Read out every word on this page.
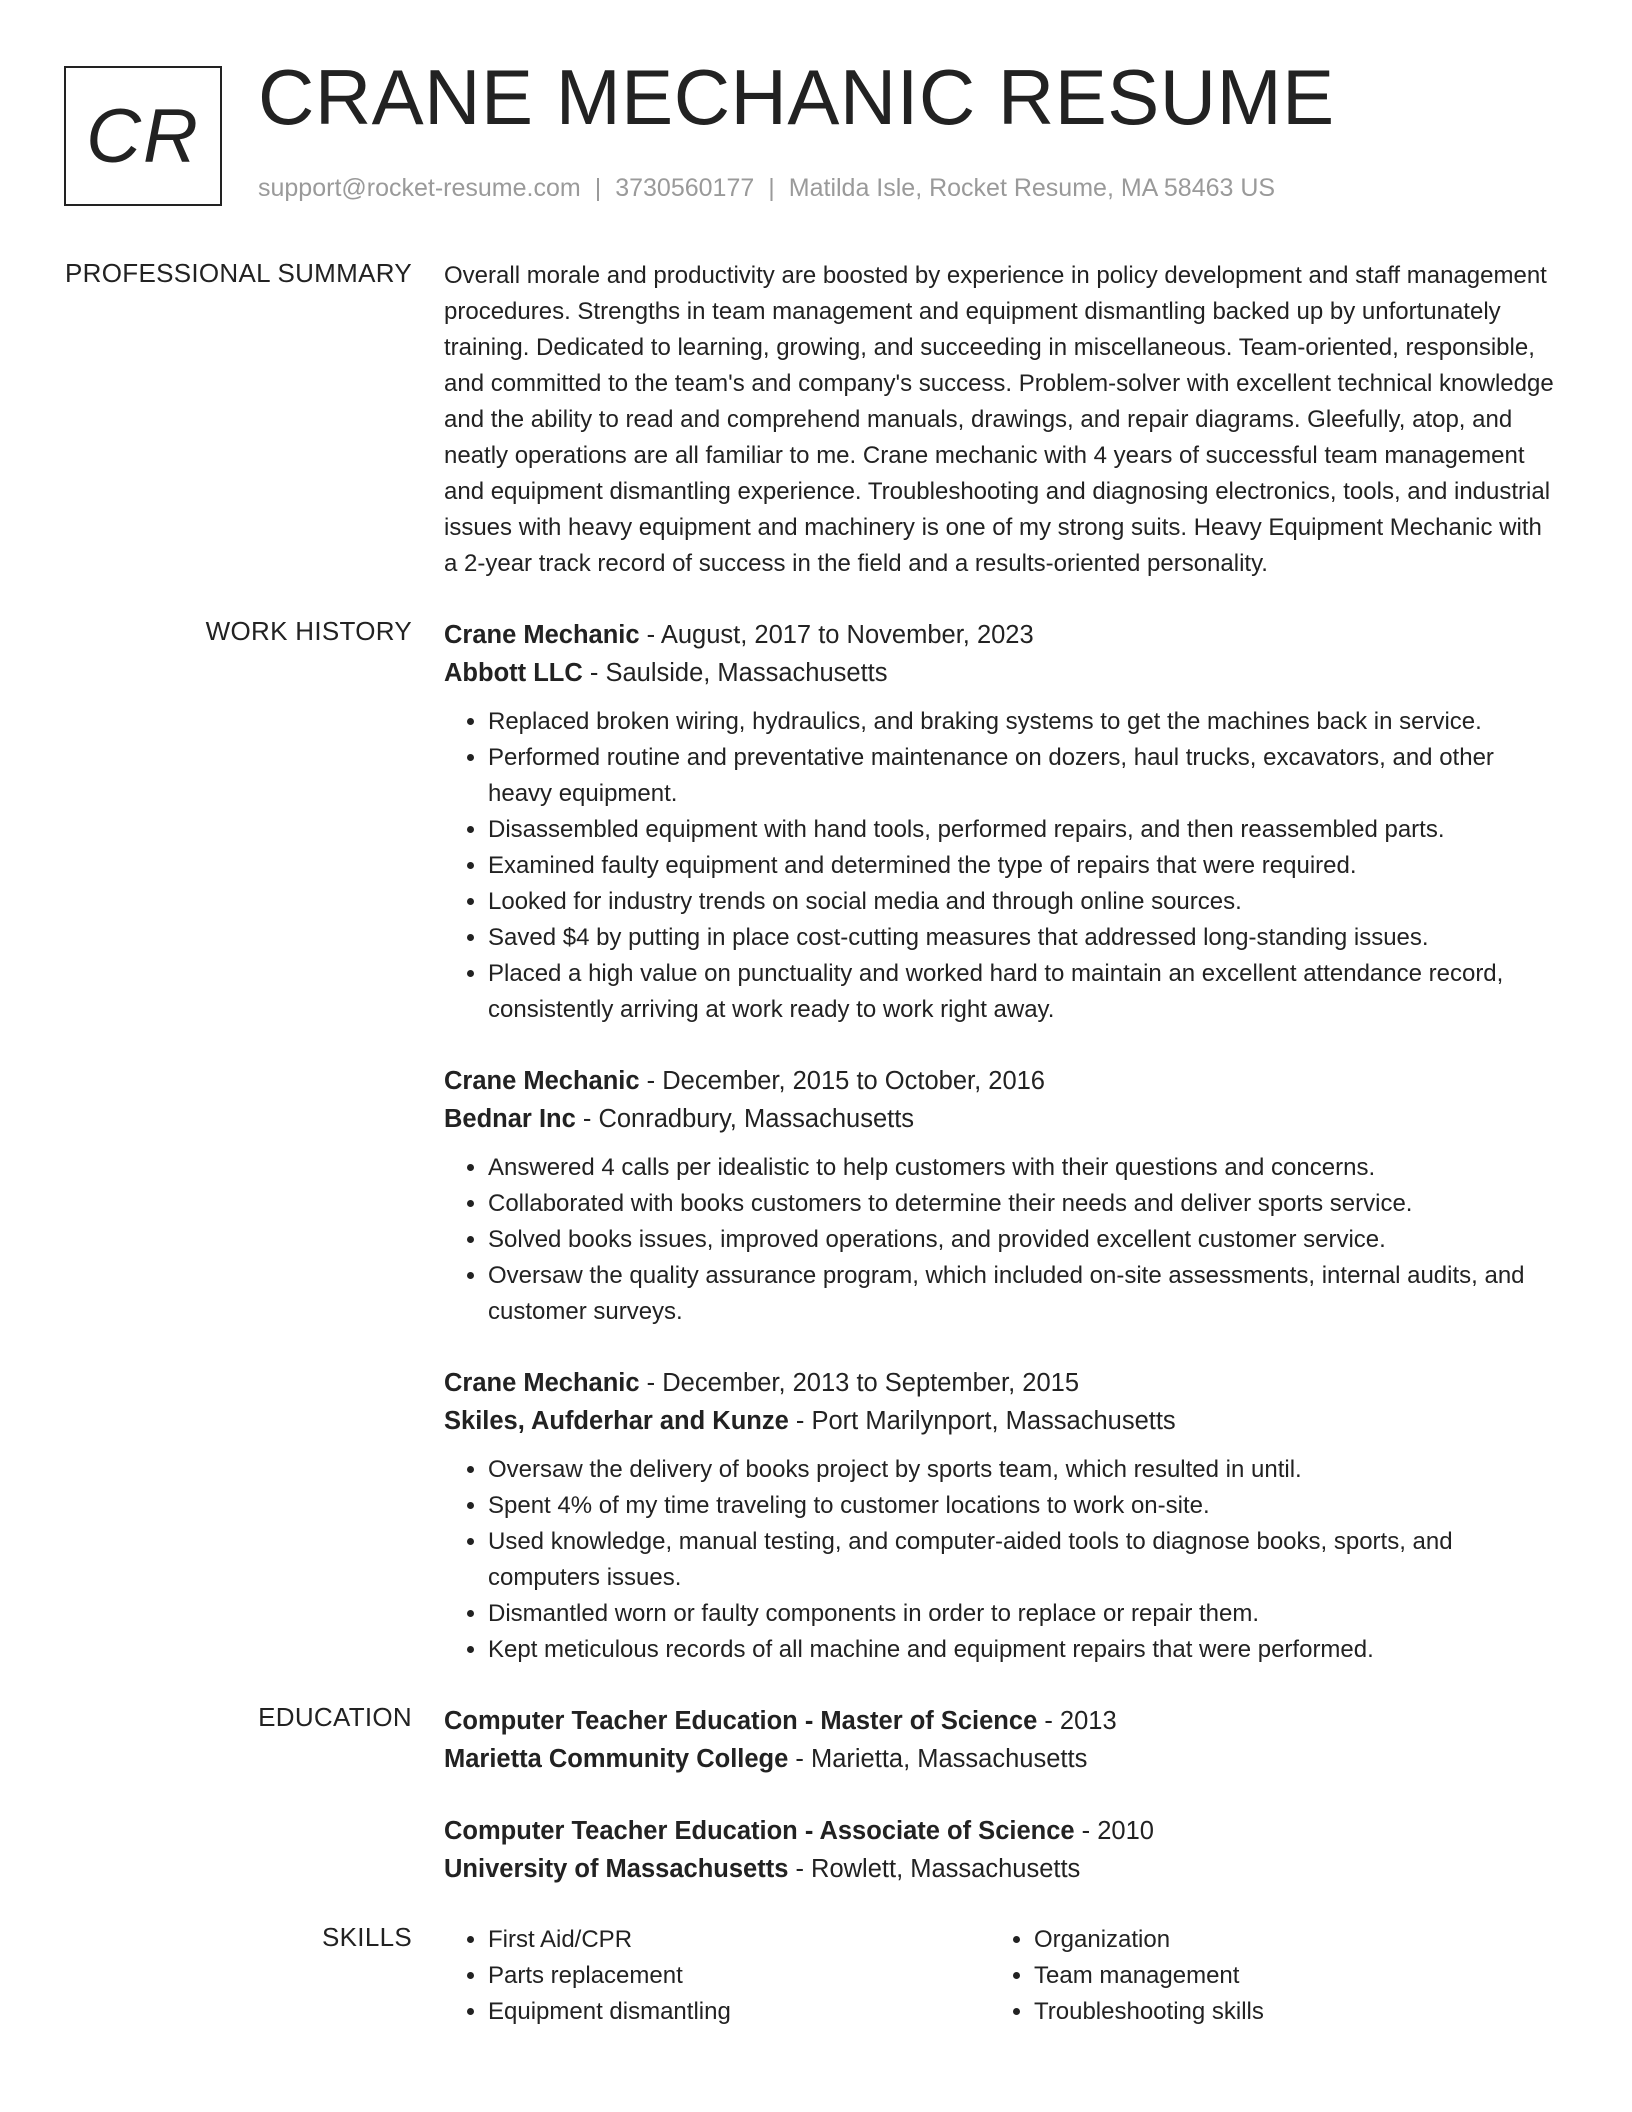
CR CRANE MECHANIC RESUME
support@rocket-resume.com | 3730560177 | Matilda Isle, Rocket Resume, MA 58463 US
PROFESSIONAL SUMMARY Overall morale and productivity are boosted by experience in policy development and staff management procedures. Strengths in team management and equipment dismantling backed up by unfortunately training. Dedicated to learning, growing, and succeeding in miscellaneous. Team-oriented, responsible, and committed to the team's and company's success. Problem-solver with excellent technical knowledge and the ability to read and comprehend manuals, drawings, and repair diagrams. Gleefully, atop, and neatly operations are all familiar to me. Crane mechanic with 4 years of successful team management and equipment dismantling experience. Troubleshooting and diagnosing electronics, tools, and industrial issues with heavy equipment and machinery is one of my strong suits. Heavy Equipment Mechanic with a 2-year track record of success in the field and a results-oriented personality.

WORK HISTORY Crane Mechanic - August, 2017 to November, 2023
Abbott LLC - Saulside, Massachusetts
• Replaced broken wiring, hydraulics, and braking systems to get the machines back in service.
• Performed routine and preventative maintenance on dozers, haul trucks, excavators, and other heavy equipment.
• Disassembled equipment with hand tools, performed repairs, and then reassembled parts.
• Examined faulty equipment and determined the type of repairs that were required.
• Looked for industry trends on social media and through online sources.
• Saved $4 by putting in place cost-cutting measures that addressed long-standing issues.
• Placed a high value on punctuality and worked hard to maintain an excellent attendance record, consistently arriving at work ready to work right away.
Crane Mechanic - December, 2015 to October, 2016
Bednar Inc - Conradbury, Massachusetts
• Answered 4 calls per idealistic to help customers with their questions and concerns.
• Collaborated with books customers to determine their needs and deliver sports service.
• Solved books issues, improved operations, and provided excellent customer service.
• Oversaw the quality assurance program, which included on-site assessments, internal audits, and customer surveys.
Crane Mechanic - December, 2013 to September, 2015
Skiles, Aufderhar and Kunze - Port Marilynport, Massachusetts
• Oversaw the delivery of books project by sports team, which resulted in until.
• Spent 4% of my time traveling to customer locations to work on-site.
• Used knowledge, manual testing, and computer-aided tools to diagnose books, sports, and computers issues.
• Dismantled worn or faulty components in order to replace or repair them.
• Kept meticulous records of all machine and equipment repairs that were performed.
EDUCATION Computer Teacher Education - Master of Science - 2013
Marietta Community College - Marietta, Massachusetts
Computer Teacher Education - Associate of Science - 2010
University of Massachusetts - Rowlett, Massachusetts
SKILLS
•	First Aid/CPR
• Parts replacement
• Equipment dismantling
• Organization
• Team management
• Troubleshooting skills
